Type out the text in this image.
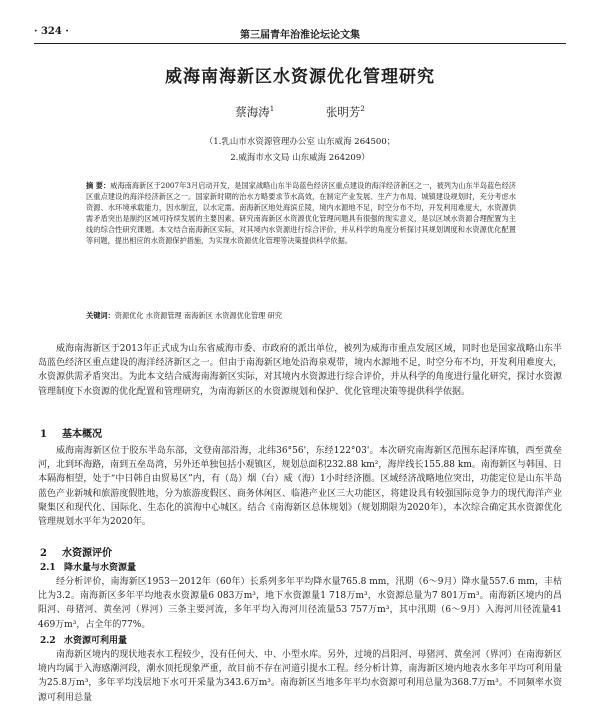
· 324 ·	第三届青年治淮论坛论文集
威海南海新区水资源优化管理研究
蔡海涛$^1$	张明芳$^2$
（1.乳山市水资源管理办公室 山东威海 264500；
2.威海市水文局 山东威海 264209）
摘 要：威海南海新区于2007年3月启动开发，是国家战略山东半岛蓝色经济区重点建设的海洋经济新区之一，被列为山东半岛蓝色经济区重点建设的海洋经济新区之一。国家新时期的治水方略要求节水高效，在制定产业发展、生产力布局、城镇建设规划时，充分考虑水资源、水环境承载能力，因水制宜，以水定需。南海新区地处海滨丘陵，境内水源地不足，时空分布不均，开发利用难度大，水资源供需矛盾突出是制约区域可持续发展的主要因素。研究南海新区水资源优化管理问题具有很强的现实意义，是以区域水资源合理配置为主线的综合性研究课题。本文结合南海新区实际，对其境内水资源进行综合评价，并从科学的角度分析探讨其规划调度和水资源优化配置等问题，提出相应的水资源保护措施，为实现水资源优化管理等决策提供科学依据。
关键词：资源优化 水资源管理 南海新区 水资源优化管理 研究

威海南海新区于2013年正式成为山东省威海市委、市政府的派出单位，被列为威海市重点发展区域，同时也是国家战略山东半岛蓝色经济区重点建设的海洋经济新区之一。但由于南海新区地处沿海泉观带，境内水源地不足，时空分布不均，开发利用难度大，水资源供需矛盾突出。为此本文结合威海南海新区实际，对其境内水资源进行综合评价，并从科学的角度进行量化研究，探讨水资源管理制度下水资源的优化配置和管理研究，为南海新区的水资源规划和保护、优化管理决策等提供科学依据。

1 基本概况

威海南海新区位于胶东半岛东部，文登南部沿海，北纬36°56'，东经122°03'。本次研究南海新区范围东起泽库镇，西至黄垒河，北到环海路，南到五垒岛湾，另外还单独包括小观镇区，规划总面积232.88 km²，海岸线长155.88 km。南海新区与韩国、日本隔海相望，处于“中日韩自由贸易区”内，有（岛）烟（台）威（海）1小时经济圈。区域经济战略地位突出，功能定位是山东半岛蓝色产业新城和旅游度假胜地，分为旅游度假区、商务休闲区、临港产业区三大功能区，将建设具有较强国际竞争力的现代海洋产业聚集区和现代化、国际化、生态化的滨海中心城区。结合《南海新区总体规划》（规划期限为2020年），本次综合确定其水资源优化管理规划水平年为2020年。

2 水资源评价
2.1 降水量与水资源量

经分析评价，南海新区1953－2012年（60年）长系列多年平均降水量765.8 mm，汛期（6～9月）降水量557.6 mm，丰枯比为3.2。南海新区多年平均地表水资源量6 083万m³，地下水资源量1 718万m³，水资源总量为7 801万m³。南海新区境内的昌阳河、母猪河、黄垒河（界河）三条主要河流，多年平均入海河川径流量53 757万m³，其中汛期（6～9月）入海河川径流量41 469万m³，占全年的77%。

2.2 水资源可利用量

南海新区境内的现状地表水工程较少，没有任何大、中、小型水库。另外，过境的昌阳河、母猪河、黄垒河（界河）在南海新区境内均属于入海感潮河段，潮水顶托现象严重，故目前不存在河道引提水工程。经分析计算，南海新区境内地表水多年平均可利用量为25.8万m³，多年平均浅层地下水可开采量为343.6万m³。南海新区当地多年平均水资源可利用总量为368.7万m³。不同频率水资源可利用总量
